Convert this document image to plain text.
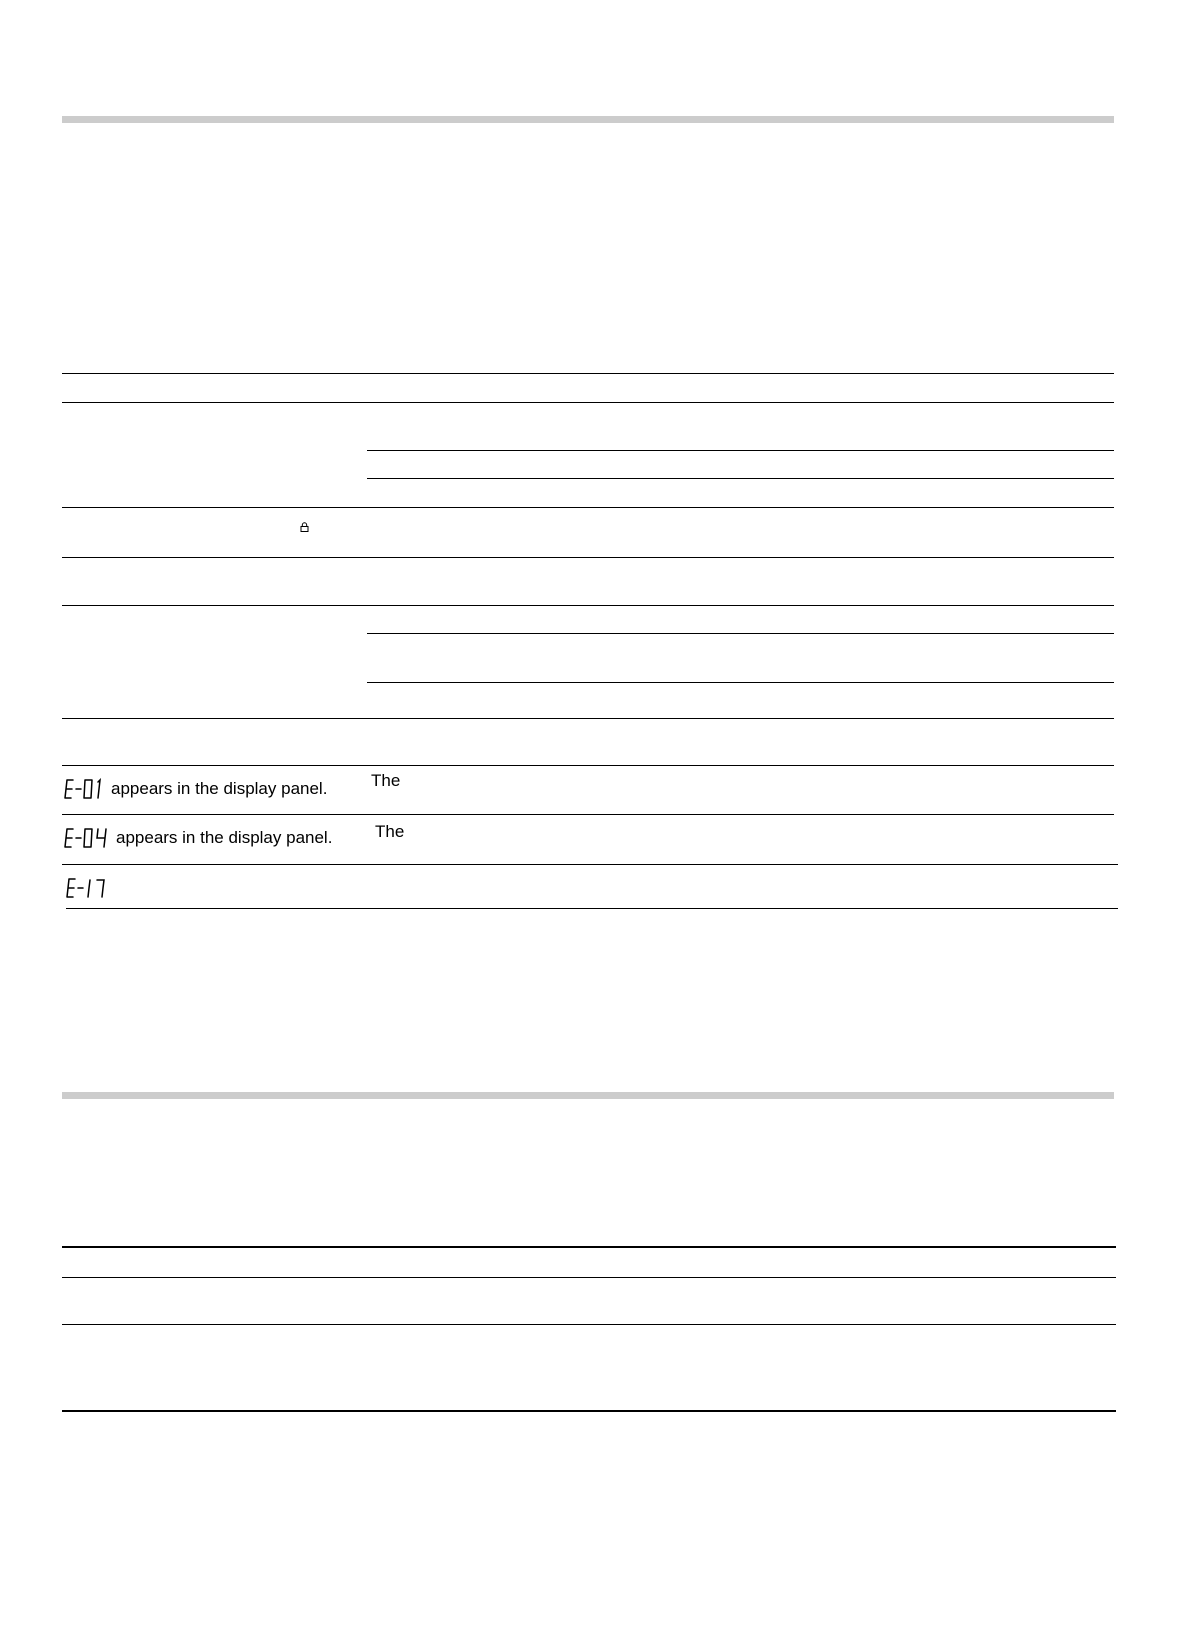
appears in the display panel.	The
appears in the display panel.	The
